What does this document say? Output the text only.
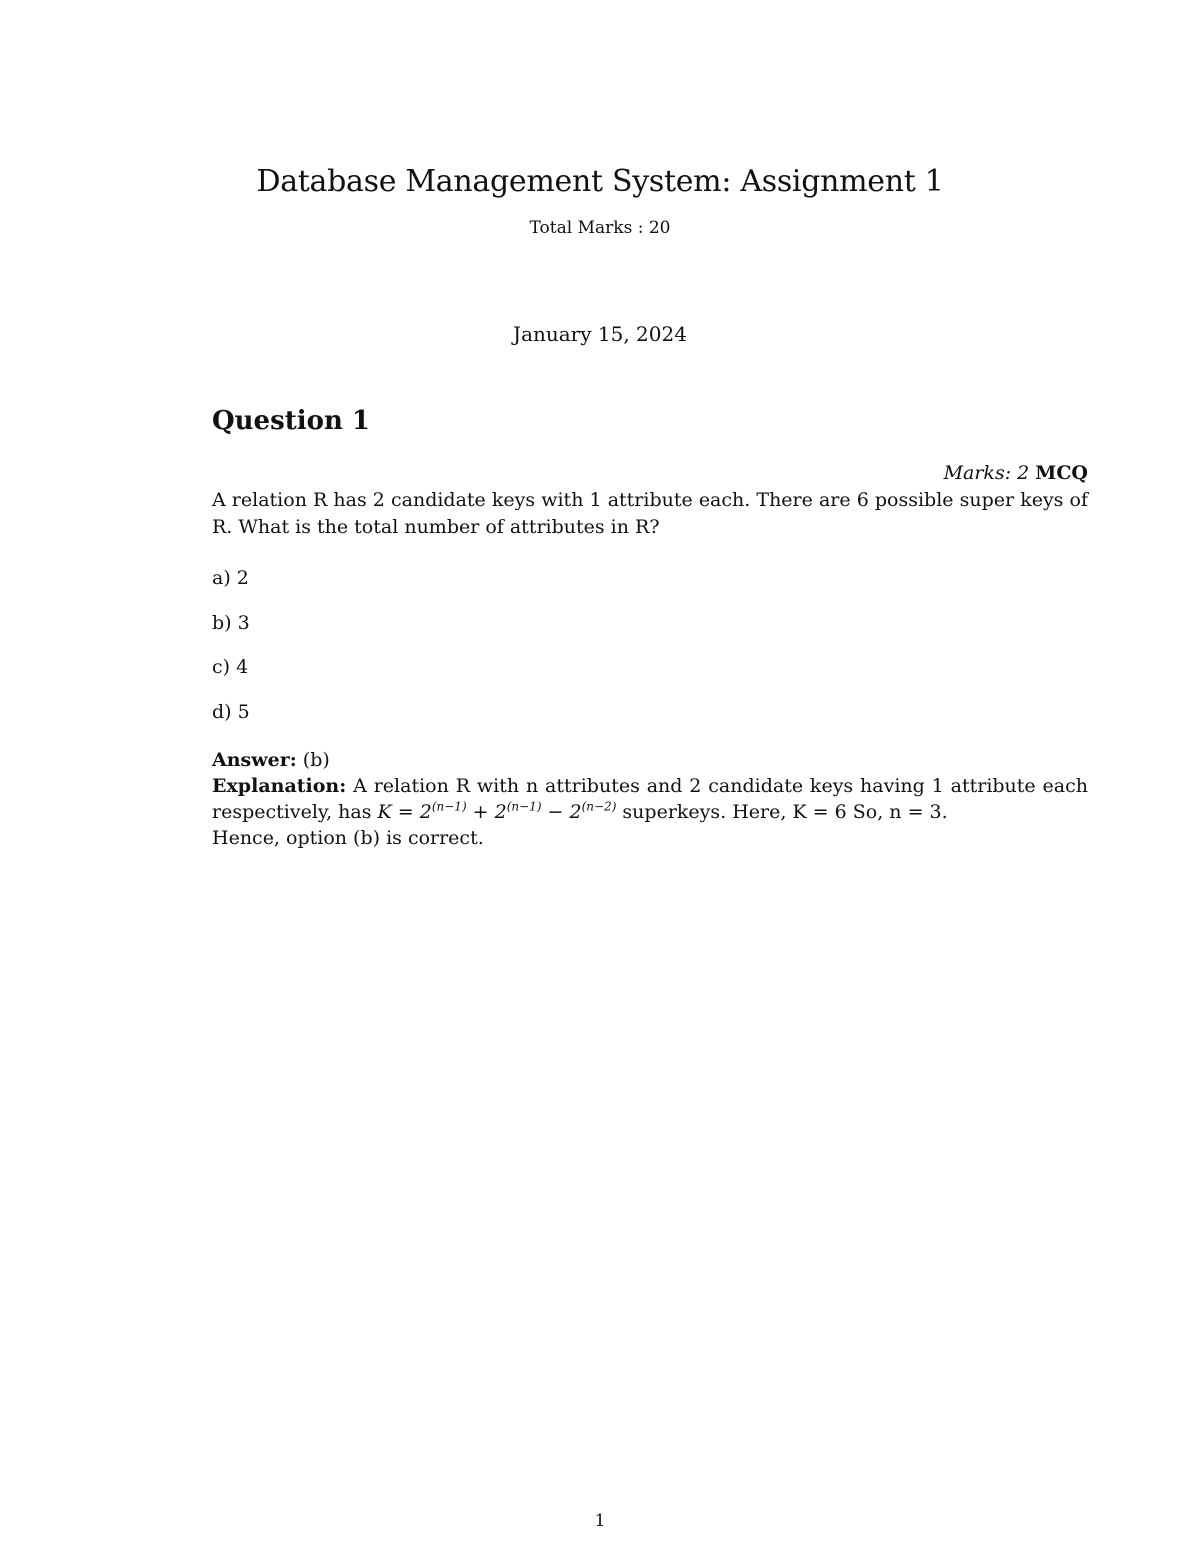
Database Management System: Assignment 1
Total Marks : 20
January 15, 2024
Question 1
Marks: 2 MCQ

A relation R has 2 candidate keys with 1 attribute each. There are 6 possible super keys of R. What is the total number of attributes in R?

a) 2
b) 3
c) 4
d) 5

Answer: (b)

Explanation: A relation R with n attributes and 2 candidate keys having 1 attribute each respectively, has $K = 2^{(n-1)} + 2^{(n-1)} - 2^{(n-2)}$ superkeys. Here, K = 6 So, n = 3.

Hence, option (b) is correct.

1
